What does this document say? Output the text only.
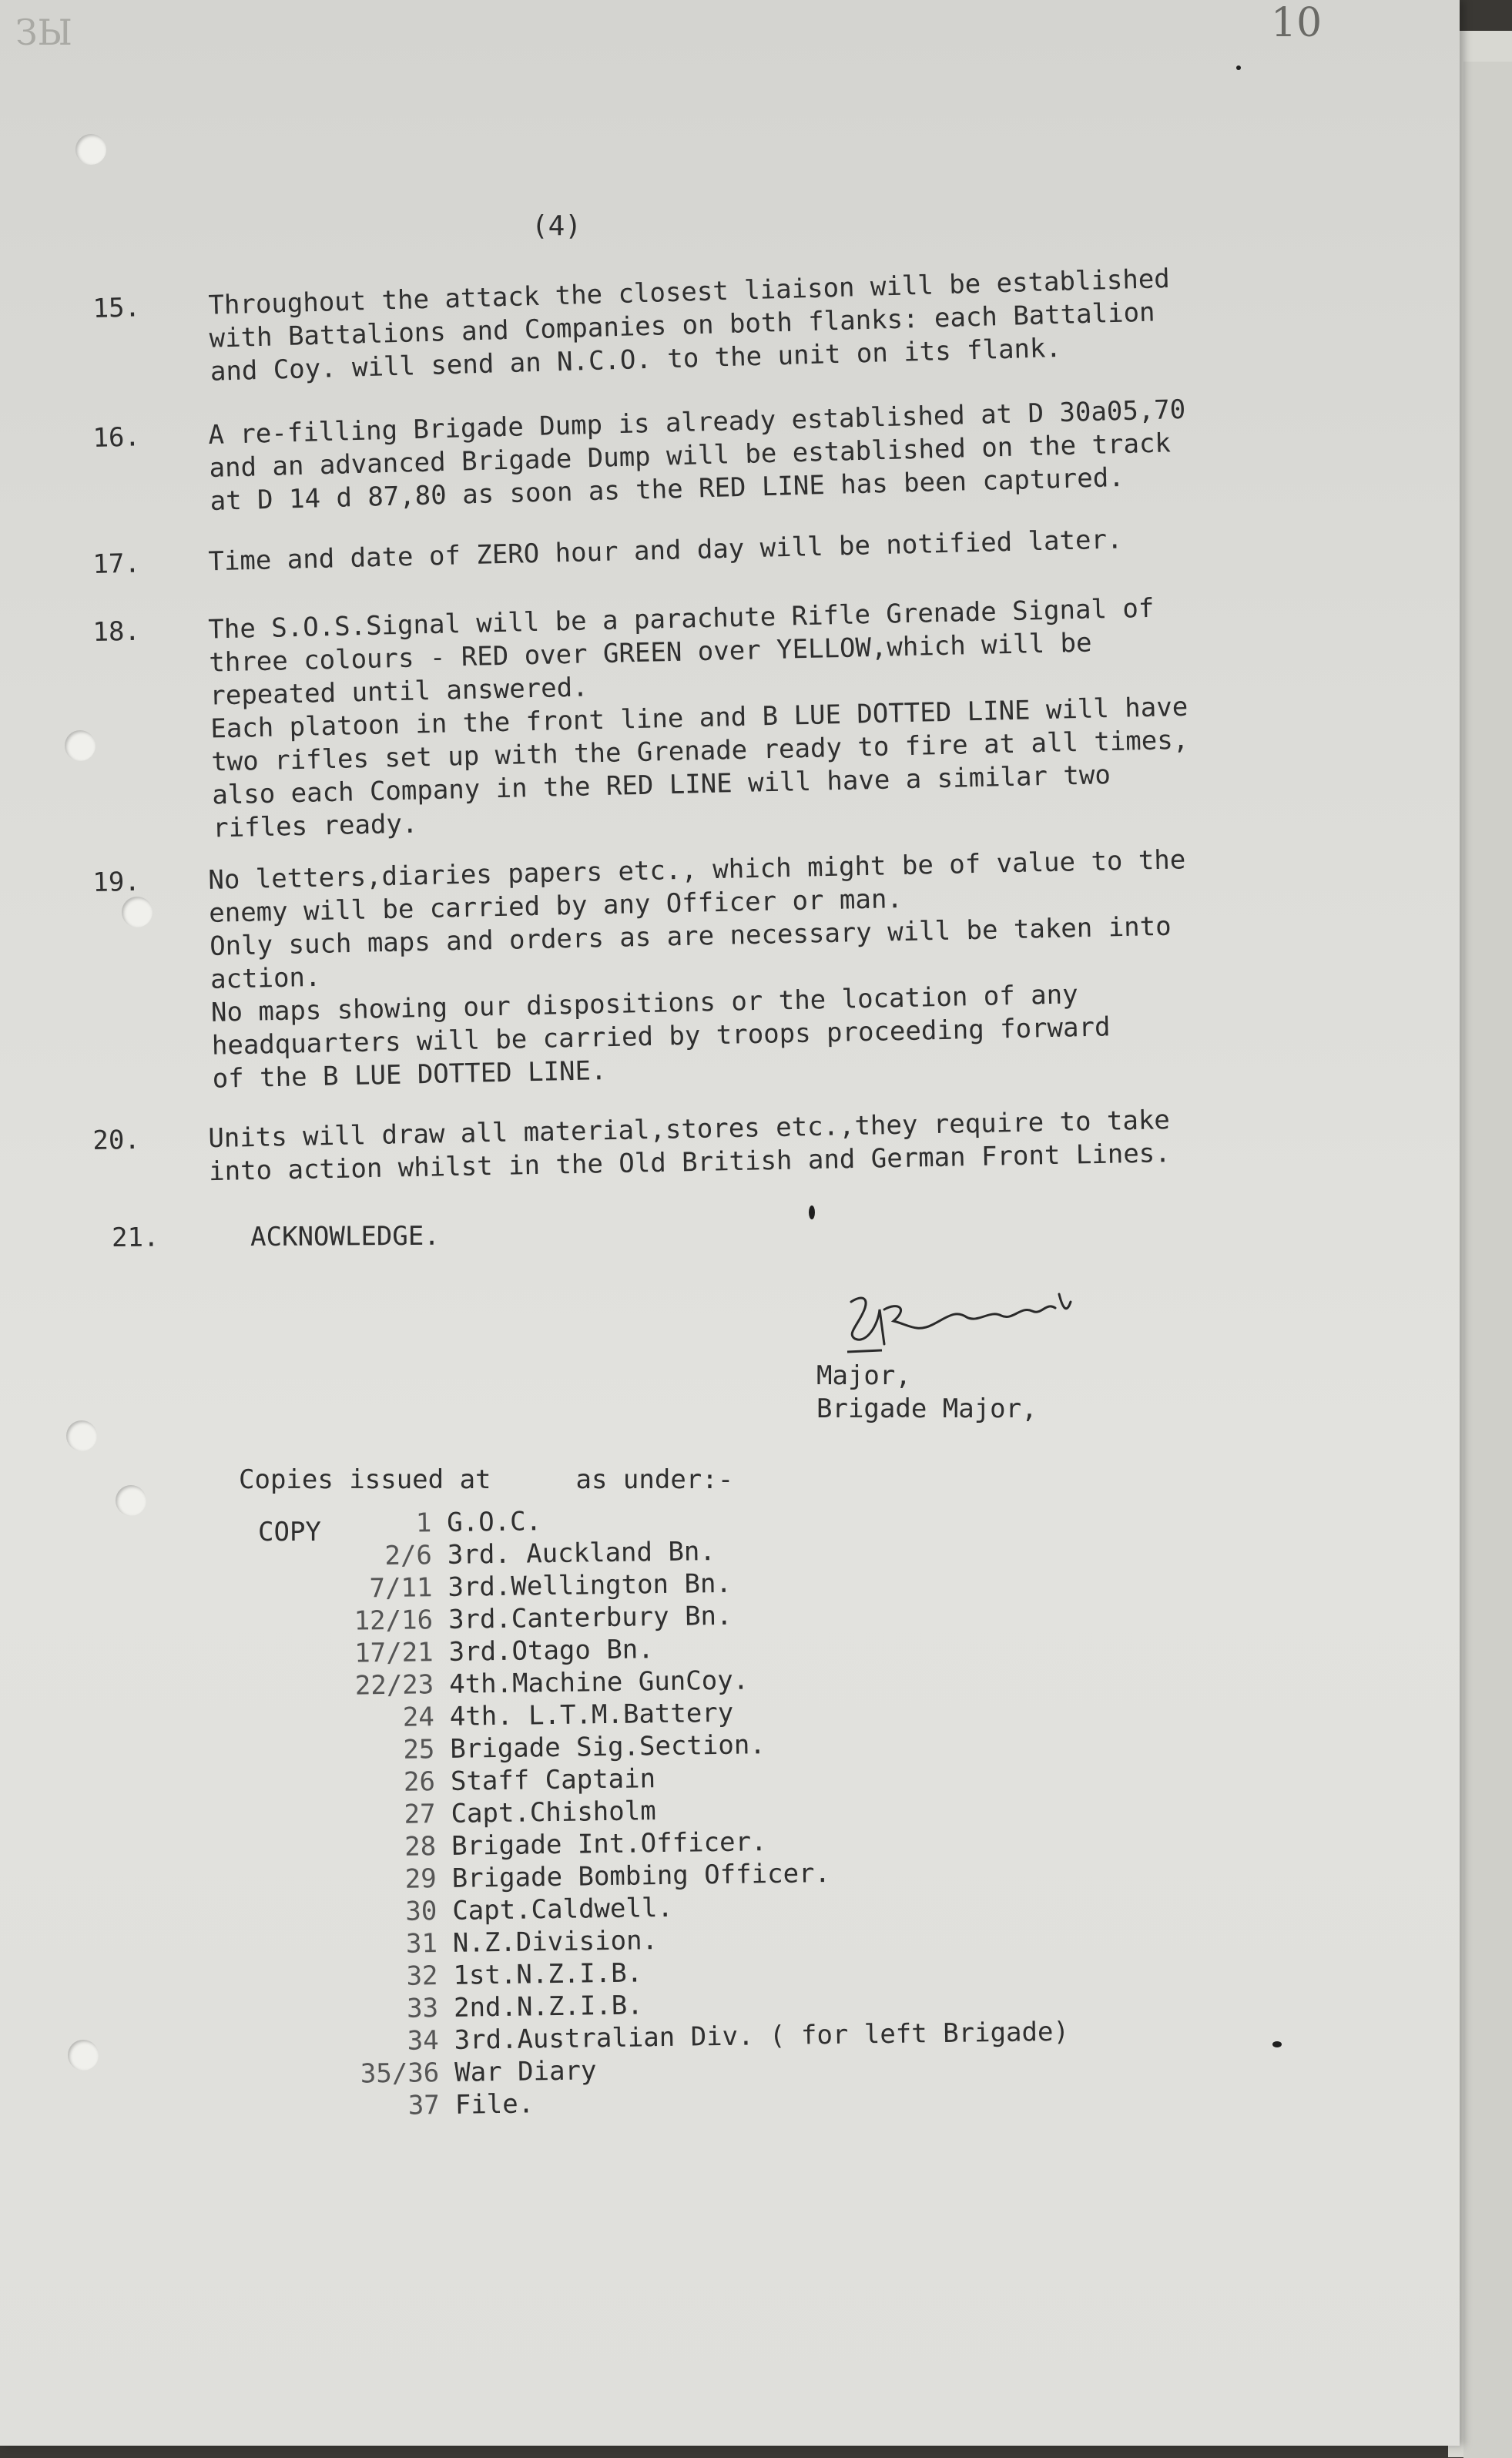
ЗЫ	10
(4)
15.	Throughout the attack the closest liaison will be established
with Battalions and Companies on both flanks: each Battalion
and Coy. will send an N.C.O. to the unit on its flank.
16.	A re-filling Brigade Dump is already established at D 30a05,70
and an advanced Brigade Dump will be established on the track
at D 14 d 87,80 as soon as the RED LINE has been captured.
17.	Time and date of ZERO hour and day will be notified later.
18.	The S.O.S.Signal will be a parachute Rifle Grenade Signal of
three colours - RED over GREEN over YELLOW,which will be
repeated until answered.
Each platoon in the front line and B LUE DOTTED LINE will have
two rifles set up with the Grenade ready to fire at all times,
also each Company in the RED LINE will have a similar two
rifles ready.
19.	No letters,diaries papers etc., which might be of value to the
enemy will be carried by any Officer or man.
Only such maps and orders as are necessary will be taken into
action.
No maps showing our dispositions or the location of any
headquarters will be carried by troops proceeding forward
of the B LUE DOTTED LINE.
20.	Units will draw all material,stores etc.,they require to take
into action whilst in the Old British and German Front Lines.
21.	ACKNOWLEDGE.
Major,
Brigade Major,
Copies issued at	as under:-
COPY	1 G.O.C.
2/6 3rd. Auckland Bn.
7/11 3rd.Wellington Bn.
12/16 3rd.Canterbury Bn.
17/21 3rd.Otago Bn.
22/23 4th.Machine GunCoy.
24 4th. L.T.M.Battery
25 Brigade Sig.Section.
26 Staff Captain
27 Capt.Chisholm
28 Brigade Int.Officer.
29 Brigade Bombing Officer.
30 Capt.Caldwell.
31 N.Z.Division.
32 1st.N.Z.I.B.
33 2nd.N.Z.I.B.
34 3rd.Australian Div. ( for left Brigade)
35/36 War Diary
37 File.
